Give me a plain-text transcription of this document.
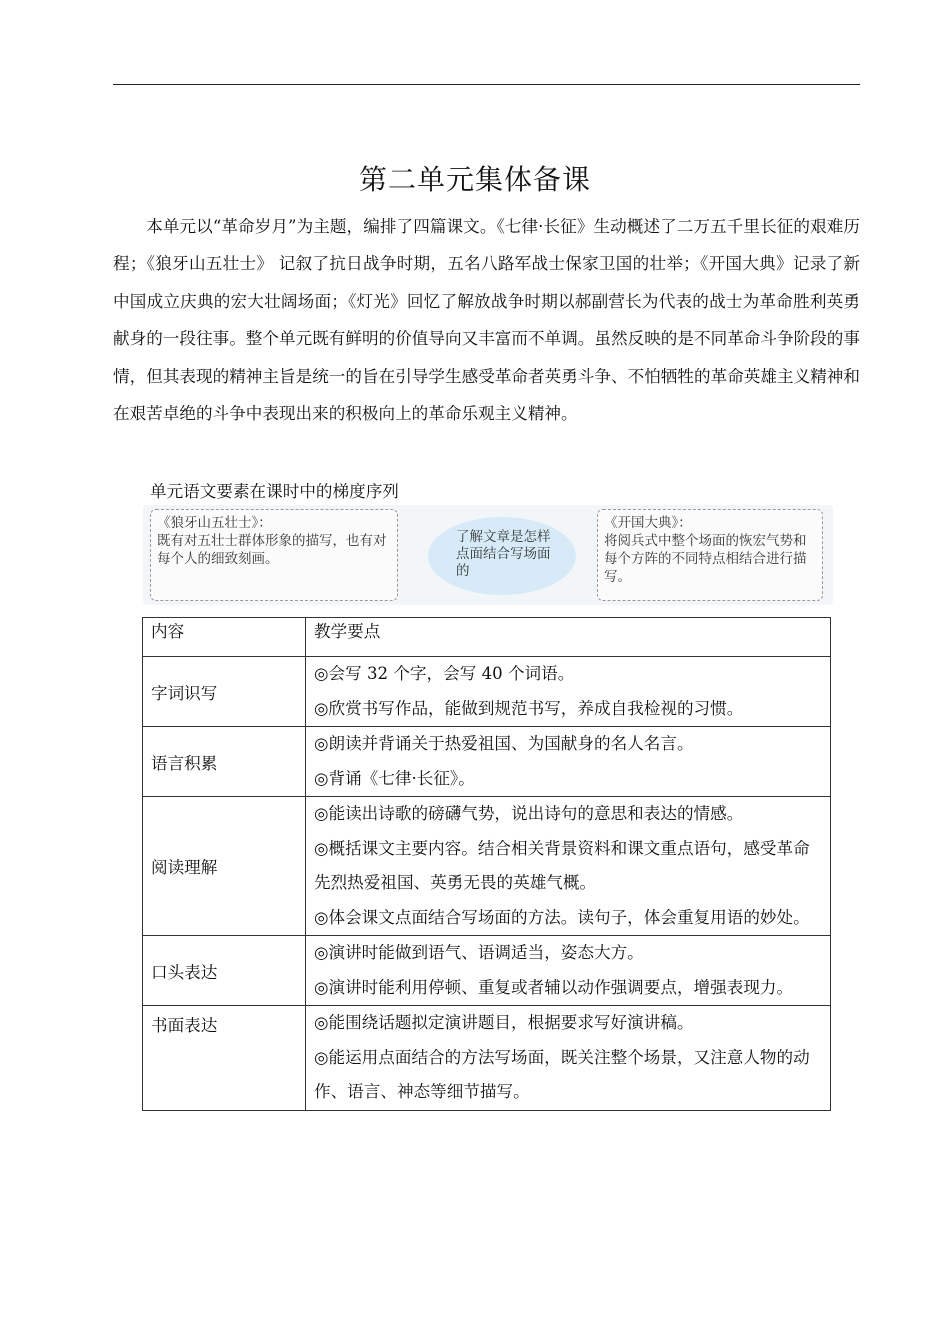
第二单元集体备课

本单元以“革命岁月”为主题，编排了四篇课文。《七律·长征》生动概述了二万五千里长征的艰难历程；《狼牙山五壮士》 记叙了抗日战争时期，五名八路军战士保家卫国的壮举；《开国大典》记录了新中国成立庆典的宏大壮阔场面；《灯光》回忆了解放战争时期以郝副营长为代表的战士为革命胜利英勇献身的一段往事。整个单元既有鲜明的价值导向又丰富而不单调。虽然反映的是不同革命斗争阶段的事情，但其表现的精神主旨是统一的旨在引导学生感受革命者英勇斗争、不怕牺牲的革命英雄主义精神和在艰苦卓绝的斗争中表现出来的积极向上的革命乐观主义精神。

单元语文要素在课时中的梯度序列
《狼牙山五壮士》：
既有对五壮士群体形象的描写，也有对每个人的细致刻画。
了解文章是怎样点面结合写场面的
《开国大典》：
将阅兵式中整个场面的恢宏气势和每个方阵的不同特点相结合进行描写。
内容	教学要点
字词识写	◎会写 32 个字，会写 40 个词语。
◎欣赏书写作品，能做到规范书写，养成自我检视的习惯。

语言积累	◎朗读并背诵关于热爱祖国、为国献身的名人名言。
◎背诵《七律·长征》。

阅读理解	◎能读出诗歌的磅礴气势，说出诗句的意思和表达的情感。
◎概括课文主要内容。结合相关背景资料和课文重点语句，感受革命先烈热爱祖国、英勇无畏的英雄气概。
◎体会课文点面结合写场面的方法。读句子，体会重复用语的妙处。

口头表达	◎演讲时能做到语气、语调适当，姿态大方。
◎演讲时能利用停顿、重复或者辅以动作强调要点，增强表现力。

书面表达	◎能围绕话题拟定演讲题目，根据要求写好演讲稿。
◎能运用点面结合的方法写场面，既关注整个场景，又注意人物的动作、语言、神态等细节描写。
